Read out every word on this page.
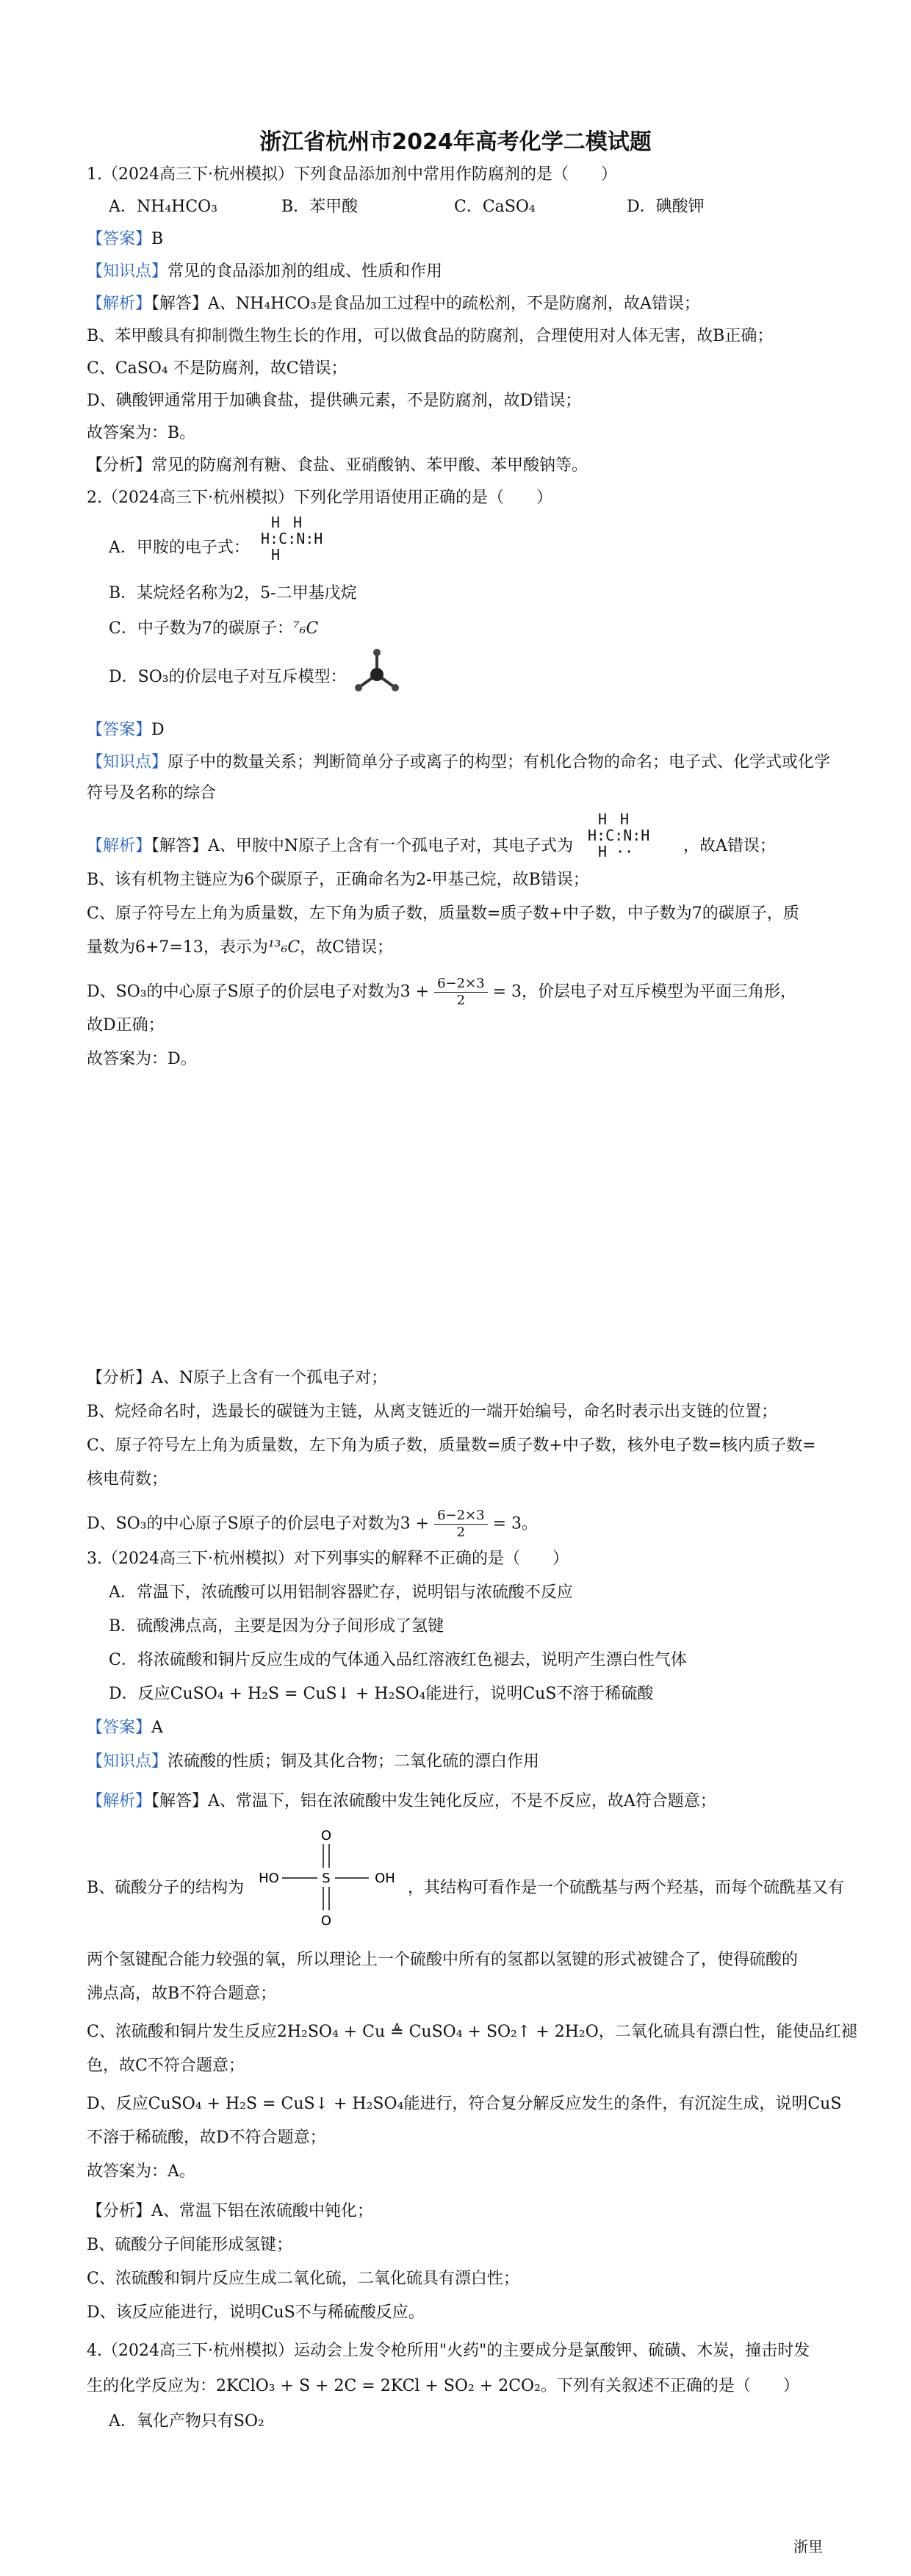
浙江省杭州市2024年高考化学二模试题
1.（2024高三下·杭州模拟）下列食品添加剂中常用作防腐剂的是（　　）
A．NH₄HCO₃	B．苯甲酸	C．CaSO₄	D．碘酸钾
【答案】B
【知识点】常见的食品添加剂的组成、性质和作用
【解析】【解答】A、NH₄HCO₃是食品加工过程中的疏松剂，不是防腐剂，故A错误；
B、苯甲酸具有抑制微生物生长的作用，可以做食品的防腐剂，合理使用对人体无害，故B正确；
C、CaSO₄ 不是防腐剂，故C错误；
D、碘酸钾通常用于加碘食盐，提供碘元素，不是防腐剂，故D错误；
故答案为：B。
【分析】常见的防腐剂有糖、食盐、亚硝酸钠、苯甲酸、苯甲酸钠等。
2.（2024高三下·杭州模拟）下列化学用语使用正确的是（　　）
A．甲胺的电子式：
HH
H:C:N:H
H
B．某烷烃名称为2，5-二甲基戊烷
C．中子数为7的碳原子：⁷₆C
D．SO₃的价层电子对互斥模型：
【答案】D
【知识点】原子中的数量关系；判断简单分子或离子的构型；有机化合物的命名；电子式、化学式或化学
符号及名称的综合
【解析】【解答】A、甲胺中N原子上含有一个孤电子对，其电子式为
HH
H:C:N:H
H ··	，故A错误；
B、该有机物主链应为6个碳原子，正确命名为2-甲基己烷，故B错误；
C、原子符号左上角为质量数，左下角为质子数，质量数=质子数+中子数，中子数为7的碳原子，质
量数为6+7=13，表示为¹³₆C，故C错误；
D、SO₃的中心原子S原子的价层电子对数为$3 + \frac{6-2\times 3}{2} = 3$，价层电子对互斥模型为平面三角形，
故D正确；
故答案为：D。
【分析】A、N原子上含有一个孤电子对；
B、烷烃命名时，选最长的碳链为主链，从离支链近的一端开始编号，命名时表示出支链的位置；
C、原子符号左上角为质量数，左下角为质子数，质量数=质子数+中子数，核外电子数=核内质子数=
核电荷数；
D、SO₃的中心原子S原子的价层电子对数为$3 + \frac{6-2\times 3}{2} = 3$。
3.（2024高三下·杭州模拟）对下列事实的解释不正确的是（　　）
A．常温下，浓硫酸可以用铝制容器贮存，说明铝与浓硫酸不反应
B．硫酸沸点高，主要是因为分子间形成了氢键
C．将浓硫酸和铜片反应生成的气体通入品红溶液红色褪去，说明产生漂白性气体
D．反应CuSO₄ + H₂S = CuS↓ + H₂SO₄能进行，说明CuS不溶于稀硫酸
【答案】A
【知识点】浓硫酸的性质；铜及其化合物；二氧化硫的漂白作用
【解析】【解答】A、常温下，铝在浓硫酸中发生钝化反应，不是不反应，故A符合题意；
B、硫酸分子的结构为
O
S
HO	OH
O
，其结构可看作是一个硫酰基与两个羟基，而每个硫酰基又有
两个氢键配合能力较强的氧，所以理论上一个硫酸中所有的氢都以氢键的形式被键合了，使得硫酸的
沸点高，故B不符合题意；
C、浓硫酸和铜片发生反应2H₂SO₄ + Cu ≜ CuSO₄ + SO₂↑ + 2H₂O，二氧化硫具有漂白性，能使品红褪
色，故C不符合题意；
D、反应CuSO₄ + H₂S = CuS↓ + H₂SO₄能进行，符合复分解反应发生的条件，有沉淀生成，说明CuS
不溶于稀硫酸，故D不符合题意；
故答案为：A。
【分析】A、常温下铝在浓硫酸中钝化；
B、硫酸分子间能形成氢键；
C、浓硫酸和铜片反应生成二氧化硫，二氧化硫具有漂白性；
D、该反应能进行，说明CuS不与稀硫酸反应。
4.（2024高三下·杭州模拟）运动会上发令枪所用"火药"的主要成分是氯酸钾、硫磺、木炭，撞击时发
生的化学反应为：2KClO₃ + S + 2C = 2KCl + SO₂ + 2CO₂。下列有关叙述不正确的是（　　）
A．氧化产物只有SO₂
浙里
